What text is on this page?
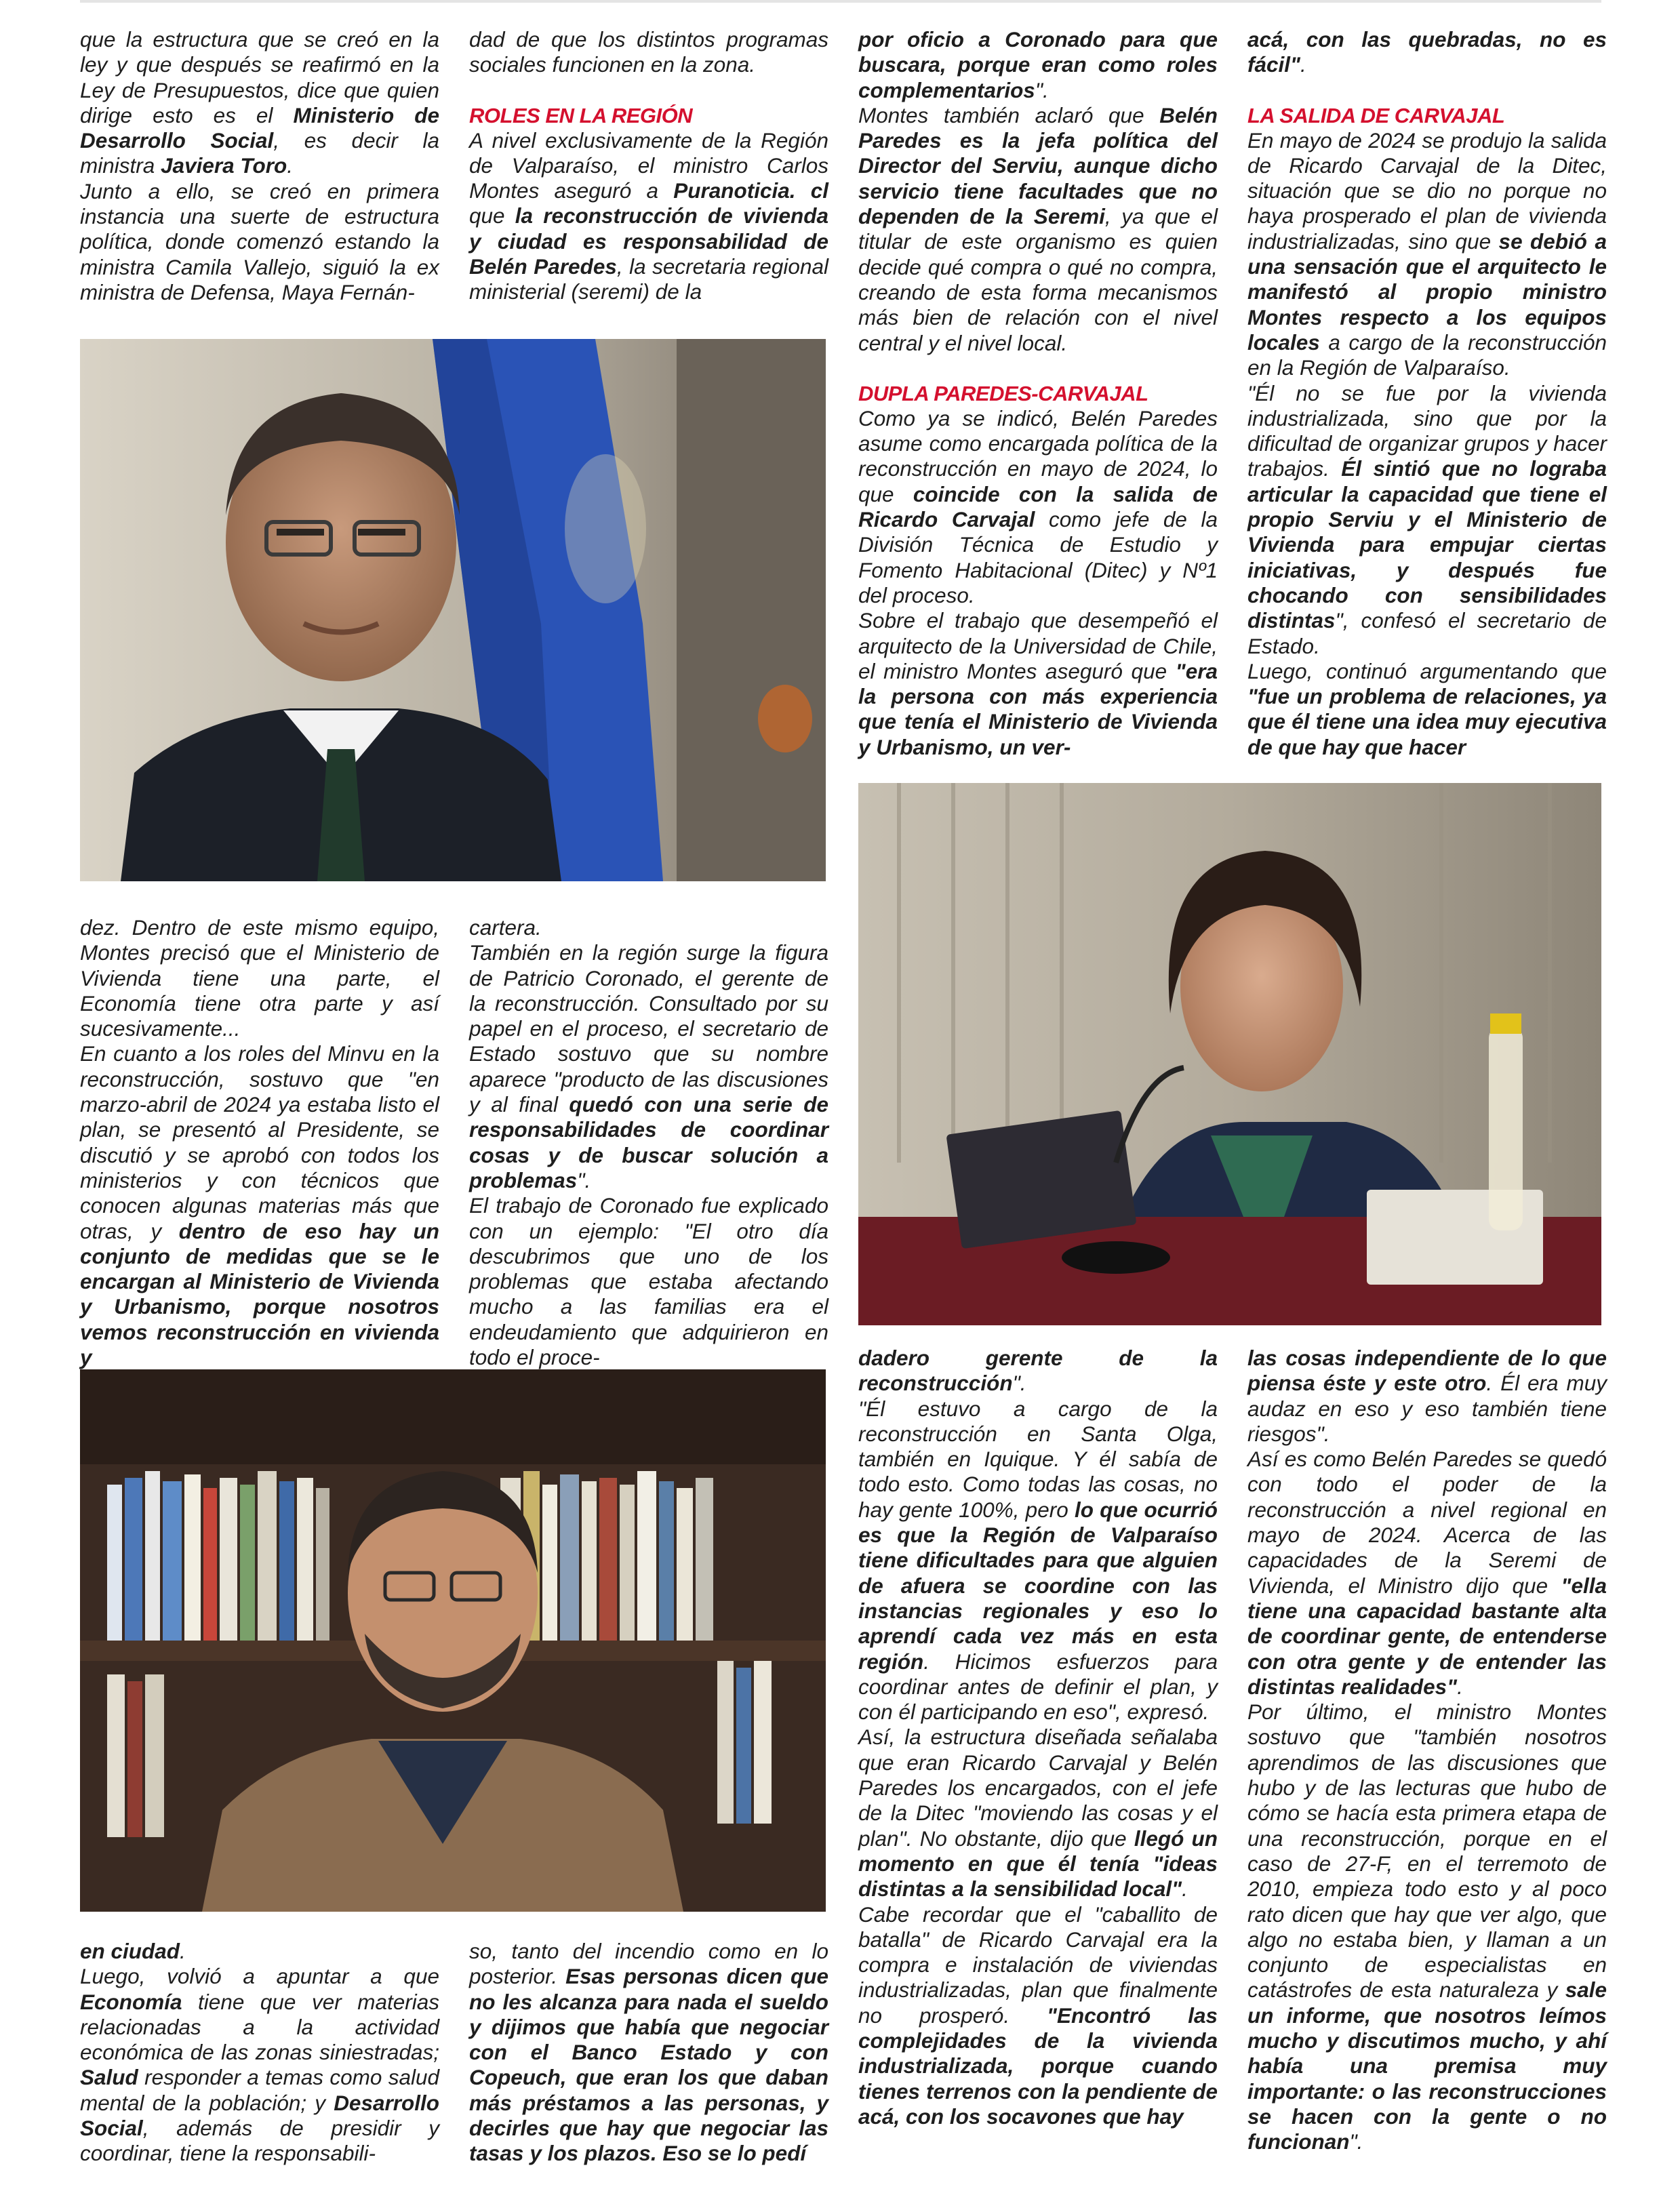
que la estructura que se creó en la ley y que después se reafirmó en la Ley de Presupuestos, dice que quien dirige esto es el Ministerio de Desarrollo Social, es decir la ministra Javiera Toro.

Junto a ello, se creó en primera instancia una suerte de estructura política, donde comenzó estando la ministra Camila Vallejo, siguió la ex ministra de Defensa, Maya Fernán-

dad de que los distintos programas sociales funcionen en la zona.

ROLES EN LA REGIÓN

A nivel exclusivamente de la Región de Valparaíso, el ministro Carlos Montes aseguró a Puranoticia. cl que la reconstrucción de vivienda y ciudad es responsabilidad de Belén Paredes, la secretaria regional ministerial (seremi) de la

por oficio a Coronado para que buscara, porque eran como roles complementarios".

Montes también aclaró que Belén Paredes es la jefa política del Director del Serviu, aunque dicho servicio tiene facultades que no dependen de la Seremi, ya que el titular de este organismo es quien decide qué compra o qué no compra, creando de esta forma mecanismos más bien de relación con el nivel central y el nivel local.

DUPLA PAREDES-CARVAJAL

Como ya se indicó, Belén Paredes asume como encargada política de la reconstrucción en mayo de 2024, lo que coincide con la salida de Ricardo Carvajal como jefe de la División Técnica de Estudio y Fomento Habitacional (Ditec) y Nº1 del proceso.

Sobre el trabajo que desempeñó el arquitecto de la Universidad de Chile, el ministro Montes aseguró que "era la persona con más experiencia que tenía el Ministerio de Vivienda y Urbanismo, un ver-

acá, con las quebradas, no es fácil".

LA SALIDA DE CARVAJAL

En mayo de 2024 se produjo la salida de Ricardo Carvajal de la Ditec, situación que se dio no porque no haya prosperado el plan de vivienda industrializadas, sino que se debió a una sensación que el arquitecto le manifestó al propio ministro Montes respecto a los equipos locales a cargo de la reconstrucción en la Región de Valparaíso.

"Él no se fue por la vivienda industrializada, sino que por la dificultad de organizar grupos y hacer trabajos. Él sintió que no lograba articular la capacidad que tiene el propio Serviu y el Ministerio de Vivienda para empujar ciertas iniciativas, y después fue chocando con sensibilidades distintas", confesó el secretario de Estado.

Luego, continuó argumentando que "fue un problema de relaciones, ya que él tiene una idea muy ejecutiva de que hay que hacer

dez. Dentro de este mismo equipo, Montes precisó que el Ministerio de Vivienda tiene una parte, el Economía tiene otra parte y así sucesivamente...

En cuanto a los roles del Minvu en la reconstrucción, sostuvo que "en marzo-abril de 2024 ya estaba listo el plan, se presentó al Presidente, se discutió y se aprobó con todos los ministerios y con técnicos que conocen algunas materias más que otras, y dentro de eso hay un conjunto de medidas que se le encargan al Ministerio de Vivienda y Urbanismo, porque nosotros vemos reconstrucción en vivienda y

cartera.

También en la región surge la figura de Patricio Coronado, el gerente de la reconstrucción. Consultado por su papel en el proceso, el secretario de Estado sostuvo que su nombre aparece "producto de las discusiones y al final quedó con una serie de responsabilidades de coordinar cosas y de buscar solución a problemas".

El trabajo de Coronado fue explicado con un ejemplo: "El otro día descubrimos que uno de los problemas que estaba afectando mucho a las familias era el endeudamiento que adquirieron en todo el proce-	dadero gerente de la reconstrucción".

"Él estuvo a cargo de la reconstrucción en Santa Olga, también en Iquique. Y él sabía de todo esto. Como todas las cosas, no hay gente 100%, pero lo que ocurrió es que la Región de Valparaíso tiene dificultades para que alguien de afuera se coordine con las instancias regionales y eso lo aprendí cada vez más en esta región. Hicimos esfuerzos para coordinar antes de definir el plan, y con él participando en eso", expresó.

Así, la estructura diseñada señalaba que eran Ricardo Carvajal y Belén Paredes los encargados, con el jefe de la Ditec "moviendo las cosas y el plan". No obstante, dijo que llegó un momento en que él tenía "ideas distintas a la sensibilidad local".

Cabe recordar que el "caballito de batalla" de Ricardo Carvajal era la compra e instalación de viviendas industrializadas, plan que finalmente no prosperó. "Encontró las complejidades de la vivienda industrializada, porque cuando tienes terrenos con la pendiente de acá, con los socavones que hay

las cosas independiente de lo que piensa éste y este otro. Él era muy audaz en eso y eso también tiene riesgos".

Así es como Belén Paredes se quedó con todo el poder de la reconstrucción a nivel regional en mayo de 2024. Acerca de las capacidades de la Seremi de Vivienda, el Ministro dijo que "ella tiene una capacidad bastante alta de coordinar gente, de entenderse con otra gente y de entender las distintas realidades".

Por último, el ministro Montes sostuvo que "también nosotros aprendimos de las discusiones que hubo y de las lecturas que hubo de cómo se hacía esta primera etapa de una reconstrucción, porque en el caso de 27-F, en el terremoto de 2010, empieza todo esto y al poco rato dicen que hay que ver algo, que algo no estaba bien, y llaman a un conjunto de especialistas en catástrofes de esta naturaleza y sale un informe, que nosotros leímos mucho y discutimos mucho, y ahí había una premisa muy importante: o las reconstrucciones se hacen con la gente o no funcionan".

en ciudad.

Luego, volvió a apuntar a que Economía tiene que ver materias relacionadas a la actividad económica de las zonas siniestradas; Salud responder a temas como salud mental de la población; y Desarrollo Social, además de presidir y coordinar, tiene la responsabili-

so, tanto del incendio como en lo posterior. Esas personas dicen que no les alcanza para nada el sueldo y dijimos que había que negociar con el Banco Estado y con Copeuch, que eran los que daban más préstamos a las personas, y decirles que hay que negociar las tasas y los plazos. Eso se lo pedí
